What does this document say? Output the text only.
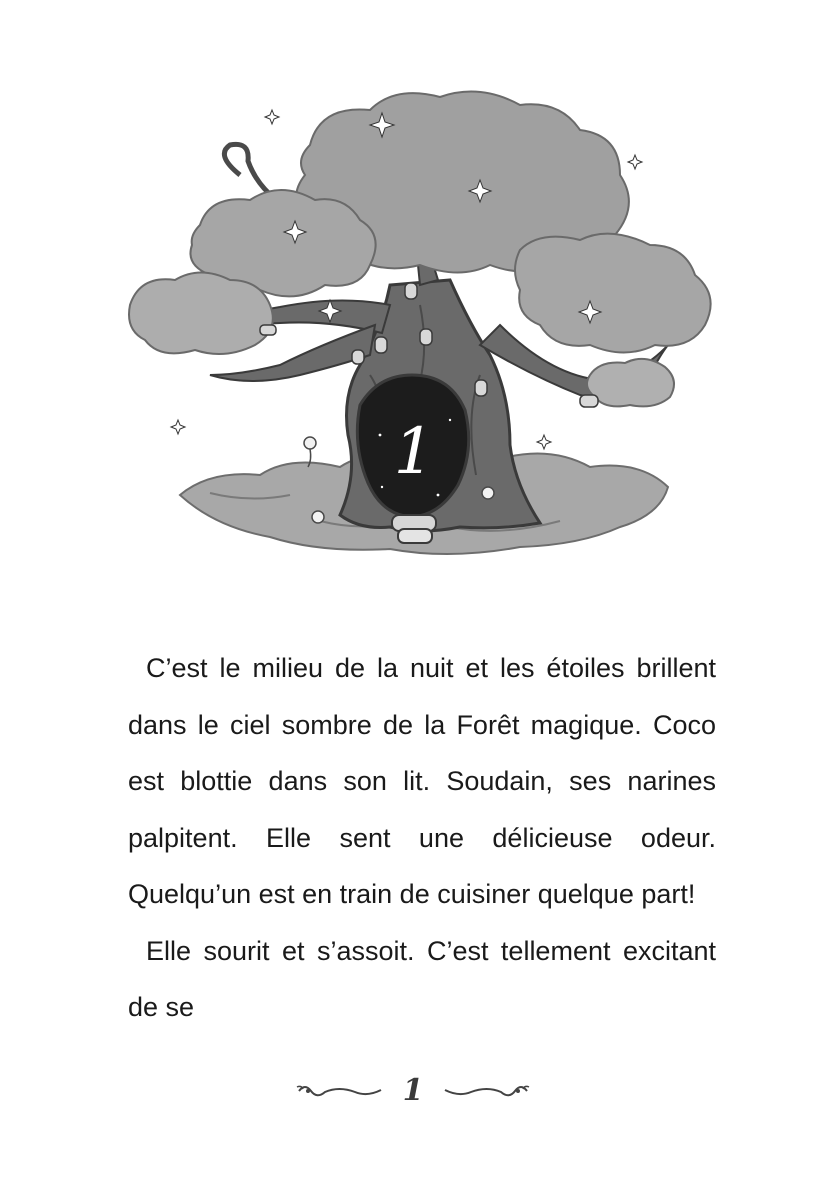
1

C’est le milieu de la nuit et les étoiles brillent dans le ciel sombre de la Forêt magique. Coco est blottie dans son lit. Soudain, ses narines palpitent. Elle sent une délicieuse odeur. Quelqu’un est en train de cuisiner quelque part!

Elle sourit et s’assoit. C’est tellement excitant de se

1
